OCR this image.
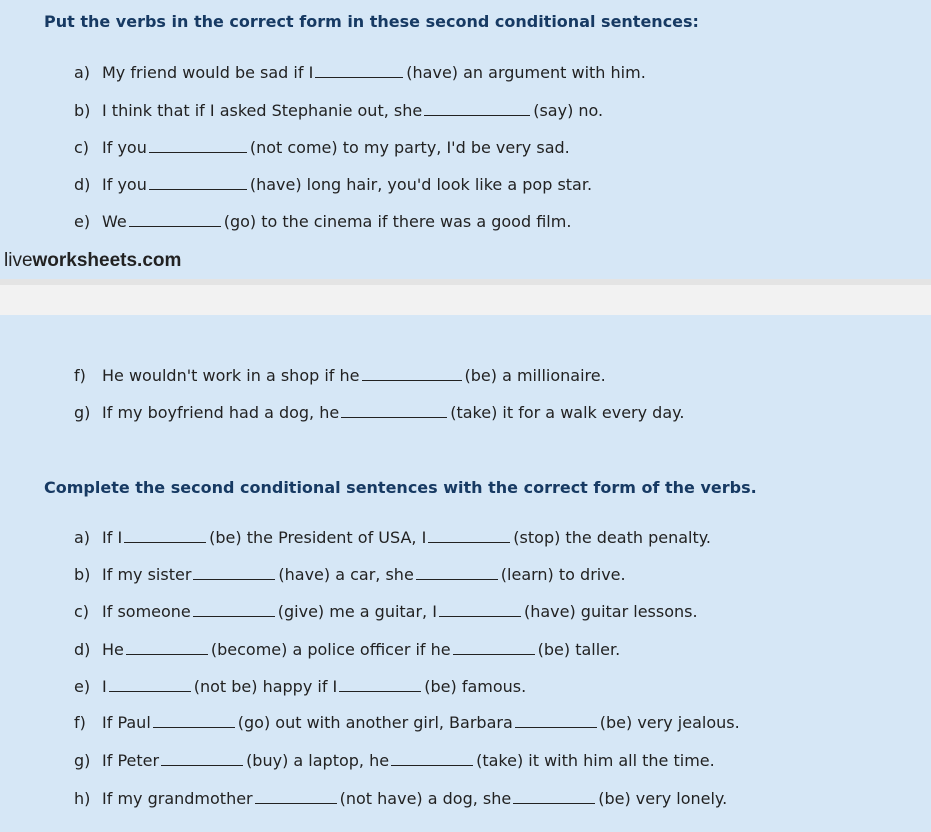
Put the verbs in the correct form in these second conditional sentences:
a) My friend would be sad if I	(have) an argument with him.
b) I think that if I asked Stephanie out, she	(say) no.
c) If you	(not come) to my party, I'd be very sad.
d) If you	(have) long hair, you'd look like a pop star.
e) We	(go) to the cinema if there was a good film.
liveworksheets.com
f) He wouldn't work in a shop if he	(be) a millionaire.
g) If my boyfriend had a dog, he	(take) it for a walk every day.
Complete the second conditional sentences with the correct form of the verbs.
a) If I	(be) the President of USA, I	(stop) the death penalty.
b) If my sister	(have) a car, she	(learn) to drive.
c) If someone	(give) me a guitar, I	(have) guitar lessons.
d) He	(become) a police officer if he	(be) taller.
e) I	(not be) happy if I	(be) famous.
f) If Paul	(go) out with another girl, Barbara	(be) very jealous.
g) If Peter	(buy) a laptop, he	(take) it with him all the time.
h) If my grandmother	(not have) a dog, she	(be) very lonely.
